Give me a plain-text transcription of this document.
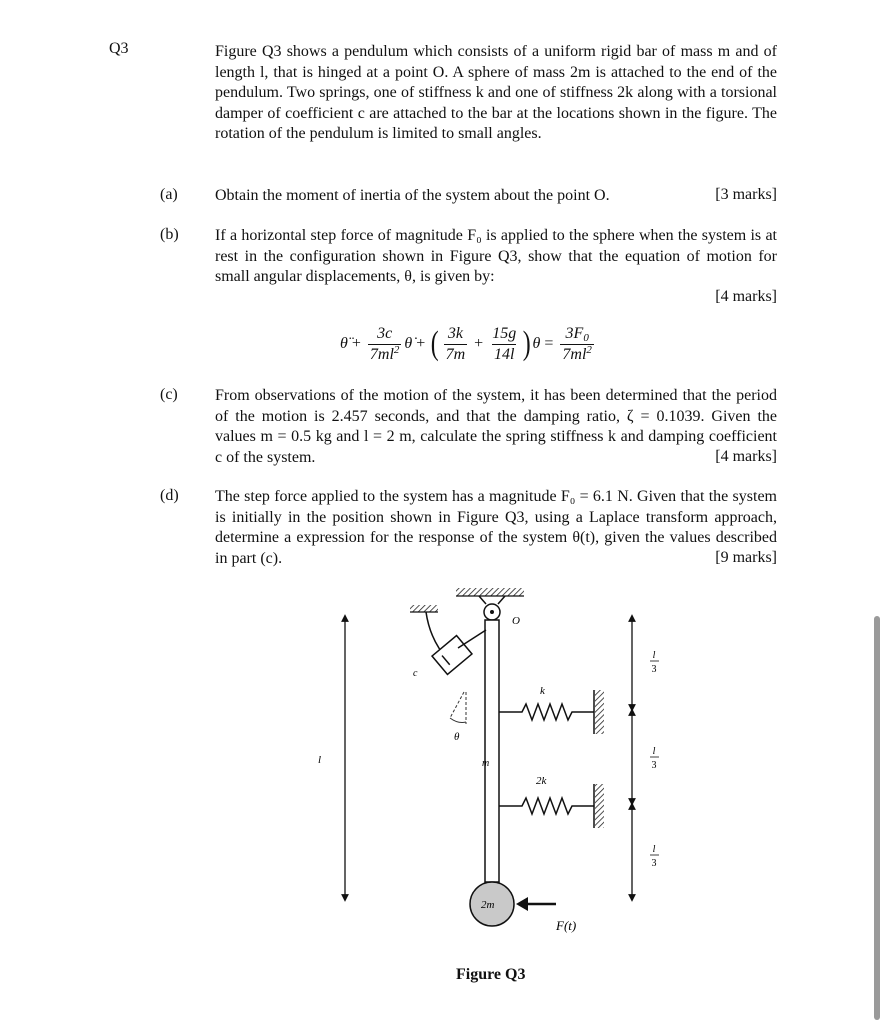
Q3	Figure Q3 shows a pendulum which consists of a uniform rigid bar of mass m and of length l, that is hinged at a point O. A sphere of mass 2m is attached to the end of the pendulum. Two springs, one of stiffness k and one of stiffness 2k along with a torsional damper of coefficient c are attached to the bar at the locations shown in the figure. The rotation of the pendulum is limited to small angles.
(a) Obtain the moment of inertia of the system about the point O.	[3 marks]
(b) If a horizontal step force of magnitude F₀ is applied to the sphere when the system is at rest in the configuration shown in Figure Q3, show that the equation of motion for small angular displacements, θ, is given by:
[4 marks]
θ̈ + $\frac{3c}{7ml^2}$ θ̇ + ( $\frac{3k}{7m} + \frac{15g}{14l}$ ) $\theta = \frac{3F0}{7ml^2}$
(c) From observations of the motion of the system, it has been determined that the period of the motion is 2.457 seconds, and that the damping ratio, ζ = 0.1039. Given the values m = 0.5 kg and l = 2 m, calculate the spring stiffness k and damping coefficient c of the system.	[4 marks]
(d) The step force applied to the system has a magnitude F₀ = 6.1 N. Given that the system is initially in the position shown in Figure Q3, using a Laplace transform approach, determine a expression for the response of the system θ(t), given the values described in part (c).	[9 marks]
O
m
c
θ
k
2k
2m
F(t)
l
l
3
l
3
l
3
Figure Q3
